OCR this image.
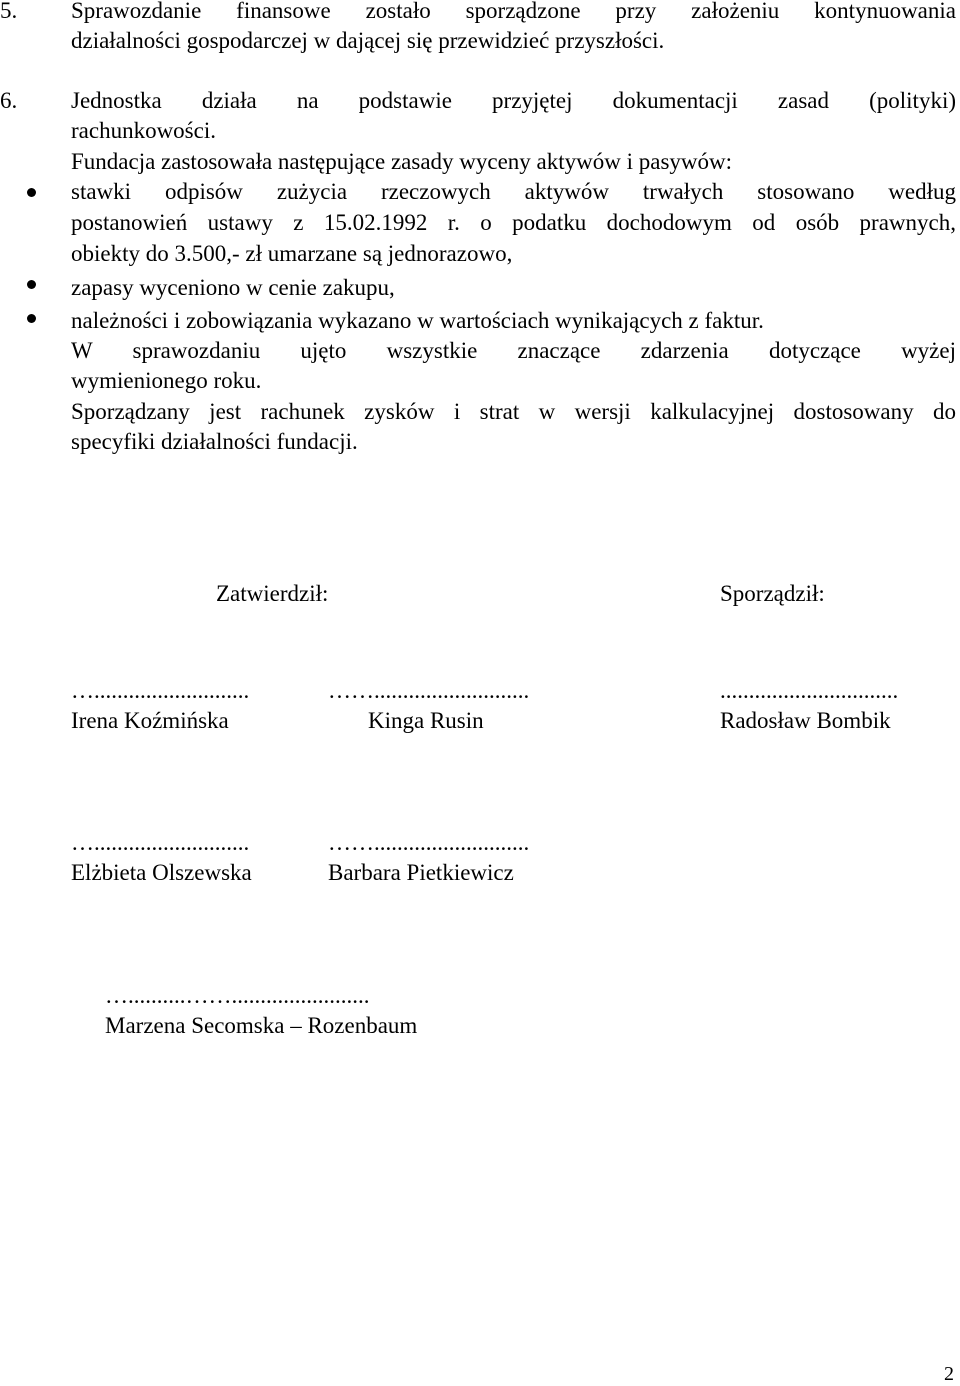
5. Sprawozdanie finansowe zostało sporządzone przy założeniu kontynuowania
działalności gospodarczej w dającej się przewidzieć przyszłości.
6. Jednostka działa na podstawie przyjętej dokumentacji zasad (polityki)
rachunkowości.
Fundacja zastosowała następujące zasady wyceny aktywów i pasywów:
stawki odpisów zużycia rzeczowych aktywów trwałych stosowano według
postanowień ustawy z 15.02.1992 r. o podatku dochodowym od osób prawnych,
obiekty do 3.500,- zł umarzane są jednorazowo,
zapasy wyceniono w cenie zakupu,
należności i zobowiązania wykazano w wartościach wynikających z faktur.
W sprawozdaniu ujęto wszystkie znaczące zdarzenia dotyczące wyżej
wymienionego roku.
Sporządzany jest rachunek zysków i strat w wersji kalkulacyjnej dostosowany do
specyfiki działalności fundacji.
Zatwierdził:	Sporządził:
…...........................
Irena Koźmińska
……...........................
Kinga Rusin
...............................
Radosław Bombik
…...........................
Elżbieta Olszewska
……...........................
Barbara Pietkiewicz
…..........……........................
Marzena Secomska – Rozenbaum
2
